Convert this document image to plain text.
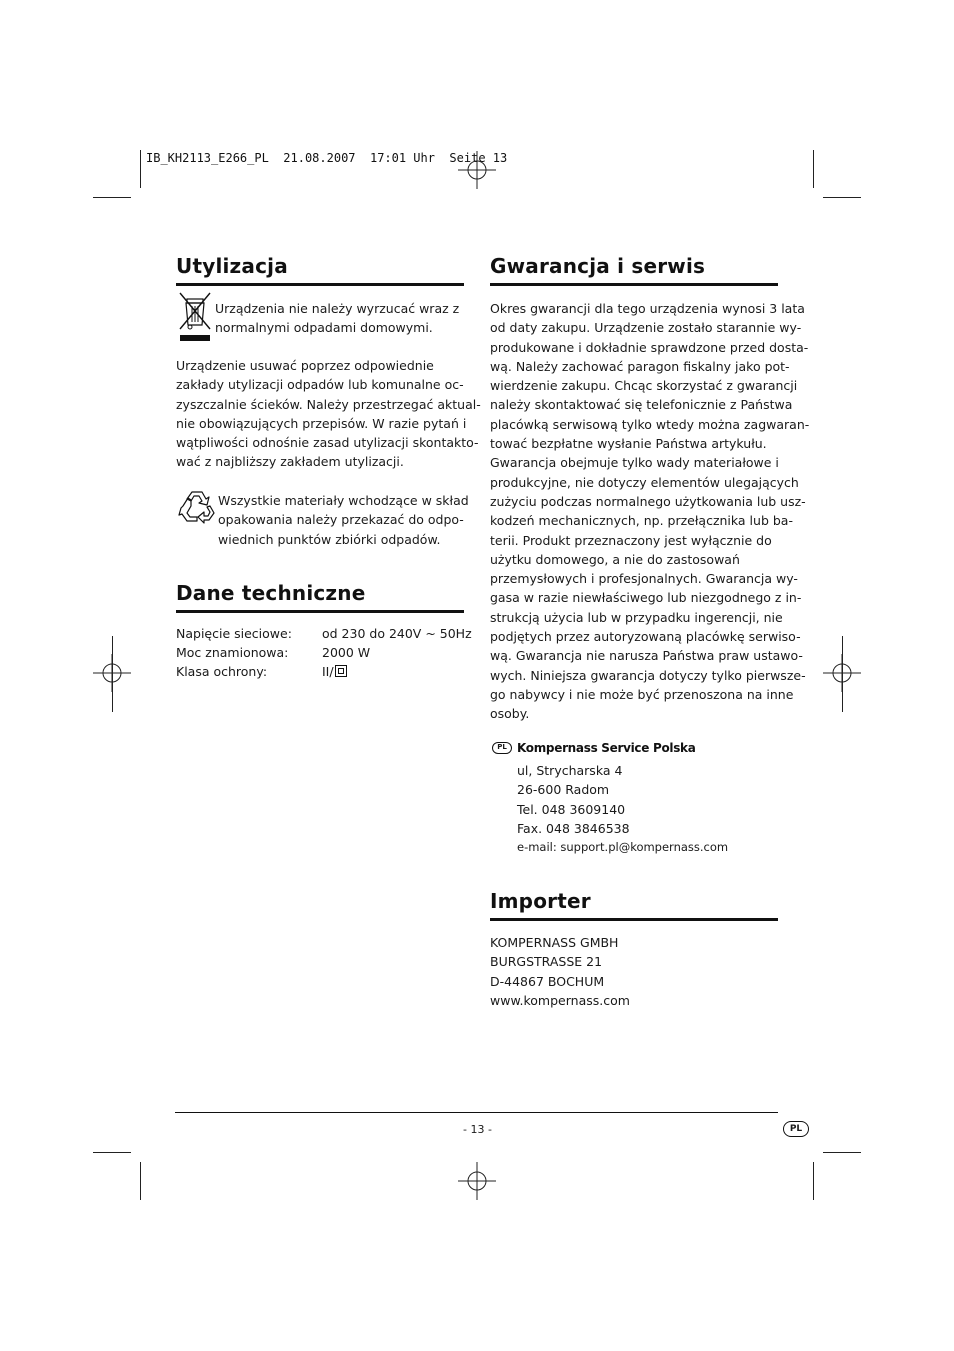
IB_KH2113_E266_PL  21.08.2007  17:01 Uhr  Seite 13
Utylizacja
Urządzenia nie należy wyrzucać wraz z
normalnymi odpadami domowymi.
Urządzenie usuwać poprzez odpowiednie
zakłady utylizacji odpadów lub komunalne oc-
zyszczalnie ścieków. Należy przestrzegać aktual-
nie obowiązujących przepisów. W razie pytań i
wątpliwości odnośnie zasad utylizacji skontakto-
wać z najbliższy zakładem utylizacji.
Wszystkie materiały wchodzące w skład
opakowania należy przekazać do odpo-
wiednich punktów zbiórki odpadów.
Dane techniczne
Napięcie sieciowe: od 230 do 240V ~ 50Hz
Moc znamionowa:	2000 W
Klasa ochrony:	II/
Gwarancja i serwis
Okres gwarancji dla tego urządzenia wynosi 3 lata
od daty zakupu. Urządzenie zostało starannie wy-
produkowane i dokładnie sprawdzone przed dosta-
wą. Należy zachować paragon fiskalny jako pot-
wierdzenie zakupu. Chcąc skorzystać z gwarancji
należy skontaktować się telefonicznie z Państwa
placówką serwisową tylko wtedy można zagwaran-
tować bezpłatne wysłanie Państwa artykułu.
Gwarancja obejmuje tylko wady materiałowe i
produkcyjne, nie dotyczy elementów ulegających
zużyciu podczas normalnego użytkowania lub usz-
kodzeń mechanicznych, np. przełącznika lub ba-
terii. Produkt przeznaczony jest wyłącznie do
użytku domowego, a nie do zastosowań
przemysłowych i profesjonalnych. Gwarancja wy-
gasa w razie niewłaściwego lub niezgodnego z in-
strukcją użycia lub w przypadku ingerencji, nie
podjętych przez autoryzowaną placówkę serwiso-
wą. Gwarancja nie narusza Państwa praw ustawo-
wych. Niniejsza gwarancja dotyczy tylko pierwsze-
go nabywcy i nie może być przenoszona na inne
osoby.
PL Kompernass Service Polska
ul, Strycharska 4
26-600 Radom
Tel. 048 3609140
Fax. 048 3846538
e-mail: support.pl@kompernass.com
Importer
KOMPERNASS GMBH
BURGSTRASSE 21
D-44867 BOCHUM
www.kompernass.com
- 13 -	PL
